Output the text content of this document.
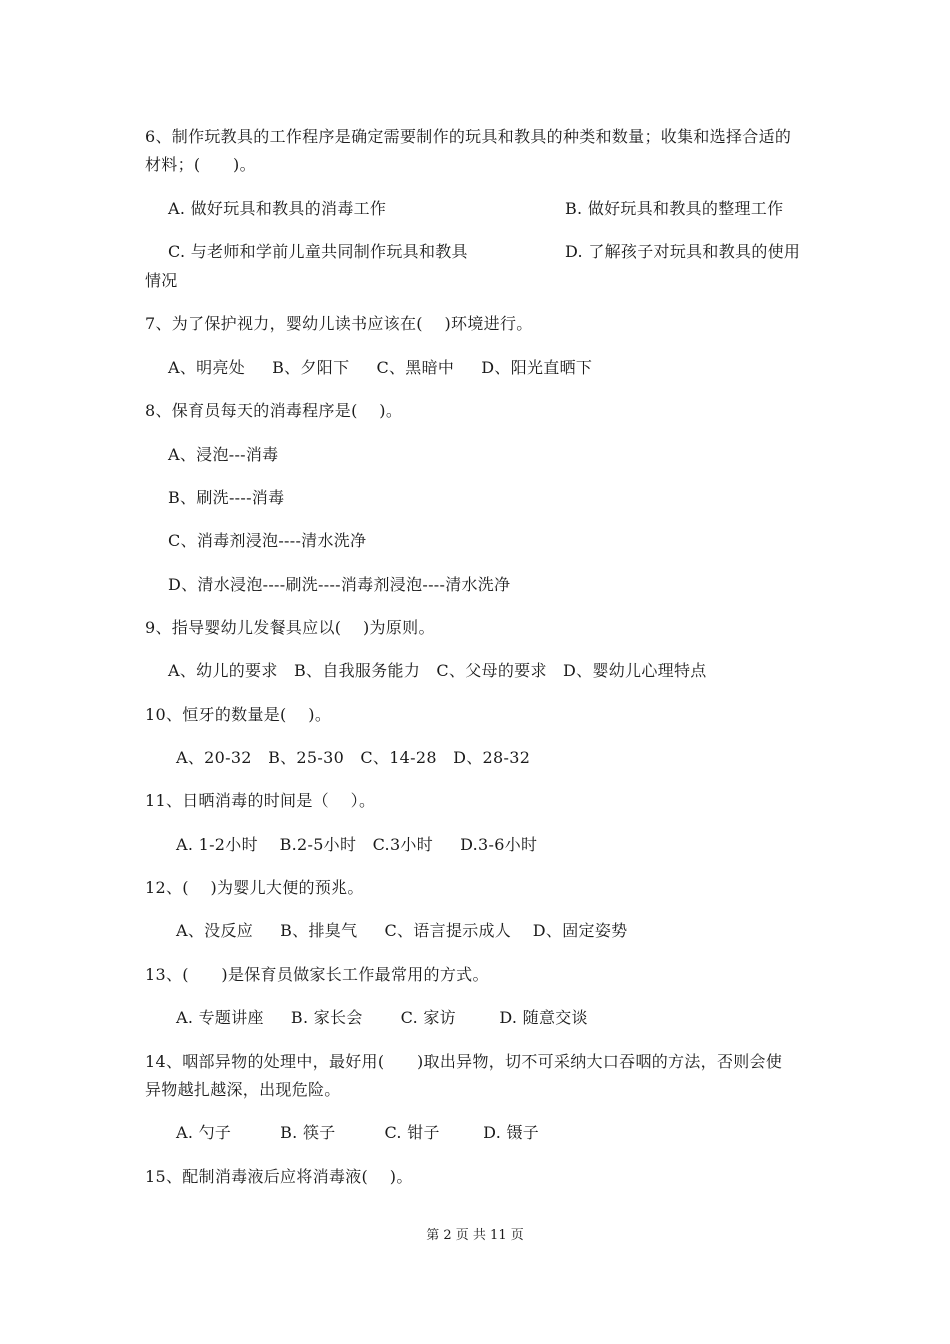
6、制作玩教具的工作程序是确定需要制作的玩具和教具的种类和数量；收集和选择合适的
材料；(　　)。
A. 做好玩具和教具的消毒工作	B. 做好玩具和教具的整理工作
C. 与老师和学前儿童共同制作玩具和教具	D. 了解孩子对玩具和教具的使用
情况
7、为了保护视力，婴幼儿读书应该在(　 )环境进行。
A、明亮处　  B、夕阳下　  C、黑暗中　  D、阳光直晒下
8、保育员每天的消毒程序是(　 )。
A、浸泡---消毒
B、刷洗----消毒
C、消毒剂浸泡----清水洗净
D、清水浸泡----刷洗----消毒剂浸泡----清水洗净
9、指导婴幼儿发餐具应以(　 )为原则。
A、幼儿的要求　B、自我服务能力　C、父母的要求　D、婴幼儿心理特点
10、恒牙的数量是(　 )。
A、20-32　B、25-30　C、14-28　D、28-32
11、日晒消毒的时间是（　 ）。
A. 1-2小时　 B.2-5小时　C.3小时　  D.3-6小时
12、(　 )为婴儿大便的预兆。
A、没反应　  B、排臭气　  C、语言提示成人　 D、固定姿势
13、(　　)是保育员做家长工作最常用的方式。
A. 专题讲座　  B. 家长会　　 C. 家访　　  D. 随意交谈
14、咽部异物的处理中，最好用(　　)取出异物，切不可采纳大口吞咽的方法，否则会使
异物越扎越深，出现危险。
A. 勺子　　　B. 筷子　　　C. 钳子　　  D. 镊子
15、配制消毒液后应将消毒液(　 )。
第 2 页 共 11 页
